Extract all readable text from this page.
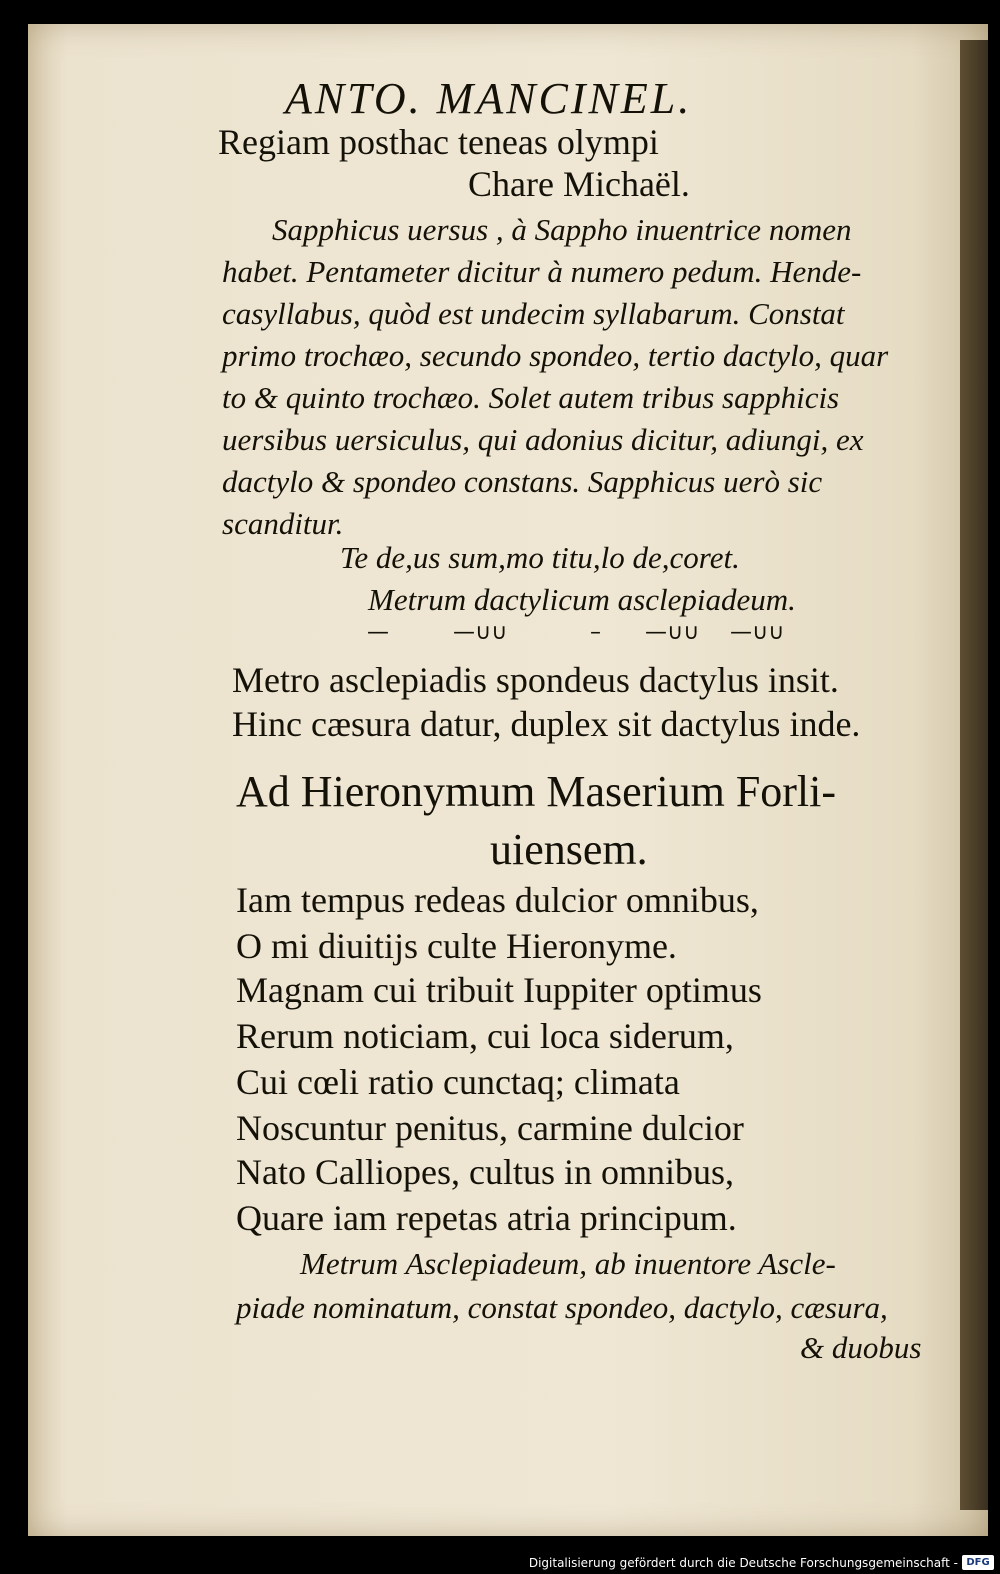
ANTO. MANCINEL.
Regiam posthac teneas olympi
Chare Michaël.
Sapphicus uersus , à Sappho inuentrice nomen
habet. Pentameter dicitur à numero pedum. Hende-
casyllabus, quòd est undecim syllabarum. Constat
primo trochæo, secundo spondeo, tertio dactylo, quar
to & quinto trochæo. Solet autem tribus sapphicis
uersibus uersiculus, qui adonius dicitur, adiungi, ex
dactylo & spondeo constans. Sapphicus uerò sic
scanditur.
Te de,us sum,mo titu,lo de,coret.
Metrum dactylicum asclepiadeum.
—	—∪∪	– —∪∪ —∪∪
Metro asclepiadis spondeus dactylus insit.
Hinc cæsura datur, duplex sit dactylus inde.
Ad Hieronymum Maserium Forli-
uiensem.
Iam tempus redeas dulcior omnibus,
O mi diuitijs culte Hieronyme.
Magnam cui tribuit Iuppiter optimus
Rerum noticiam, cui loca siderum,
Cui cœli ratio cunctaq; climata
Noscuntur penitus, carmine dulcior
Nato Calliopes, cultus in omnibus,
Quare iam repetas atria principum.
Metrum Asclepiadeum, ab inuentore Ascle-
piade nominatum, constat spondeo, dactylo, cæsura,
& duobus
Digitalisierung gefördert durch die Deutsche Forschungsgemeinschaft - DFG
